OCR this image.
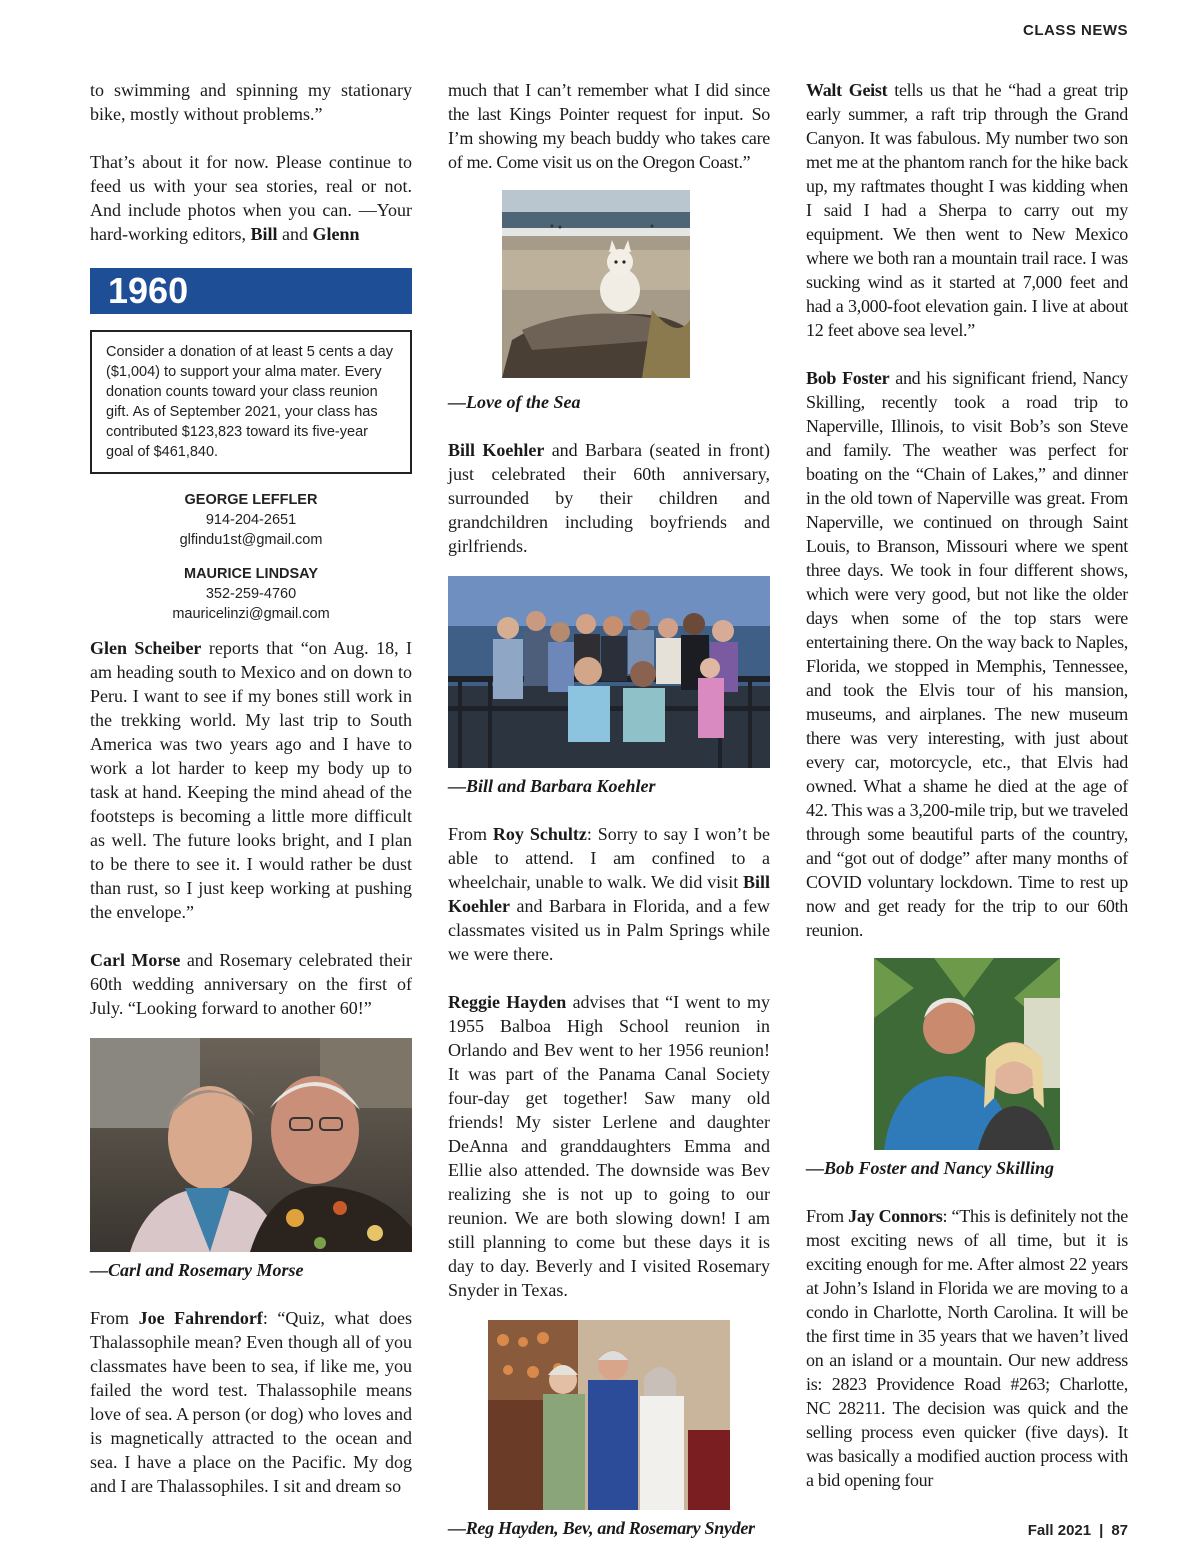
CLASS NEWS

to swimming and spinning my stationary bike, mostly without problems.”

That’s about it for now. Please continue to feed us with your sea stories, real or not. And include photos when you can. —Your hard-working editors, Bill and Glenn

1960
Consider a donation of at least 5 cents a day ($1,004) to support your alma mater. Every donation counts toward your class reunion gift. As of September 2021, your class has contributed $123,823 toward its five-year goal of $461,840.
GEORGE LEFFLER
914-204-2651
glfindu1st@gmail.com
MAURICE LINDSAY
352-259-4760
mauricelinzi@gmail.com

Glen Scheiber reports that “on Aug. 18, I am heading south to Mexico and on down to Peru. I want to see if my bones still work in the trekking world. My last trip to South America was two years ago and I have to work a lot harder to keep my body up to task at hand. Keeping the mind ahead of the footsteps is becoming a little more difficult as well. The future looks bright, and I plan to be there to see it. I would rather be dust than rust, so I just keep working at pushing the envelope.”

Carl Morse and Rosemary celebrated their 60th wedding anniversary on the first of July. “Looking forward to another 60!”

—Carl and Rosemary Morse

From Joe Fahrendorf: “Quiz, what does Thalassophile mean? Even though all of you classmates have been to sea, if like me, you failed the word test. Thalassophile means love of sea. A person (or dog) who loves and is magnetically attracted to the ocean and sea. I have a place on the Pacific. My dog and I are Thalassophiles. I sit and dream so

much that I can’t remember what I did since the last Kings Pointer request for input. So I’m showing my beach buddy who takes care of me. Come visit us on the Oregon Coast.”

—Love of the Sea

Bill Koehler and Barbara (seated in front) just celebrated their 60th anniversary, surrounded by their children and grandchildren including boyfriends and girlfriends.

—Bill and Barbara Koehler

From Roy Schultz: Sorry to say I won’t be able to attend. I am confined to a wheelchair, unable to walk. We did visit Bill Koehler and Barbara in Florida, and a few classmates visited us in Palm Springs while we were there.

Reggie Hayden advises that “I went to my 1955 Balboa High School reunion in Orlando and Bev went to her 1956 reunion! It was part of the Panama Canal Society four-day get together! Saw many old friends! My sister Lerlene and daughter DeAnna and granddaughters Emma and Ellie also attended. The downside was Bev realizing she is not up to going to our reunion. We are both slowing down! I am still planning to come but these days it is day to day. Beverly and I visited Rosemary Snyder in Texas.

—Reg Hayden, Bev, and Rosemary Snyder

Walt Geist tells us that he “had a great trip early summer, a raft trip through the Grand Canyon. It was fabulous. My number two son met me at the phantom ranch for the hike back up, my raftmates thought I was kidding when I said I had a Sherpa to carry out my equipment. We then went to New Mexico where we both ran a mountain trail race. I was sucking wind as it started at 7,000 feet and had a 3,000-foot elevation gain. I live at about 12 feet above sea level.”

Bob Foster and his significant friend, Nancy Skilling, recently took a road trip to Naperville, Illinois, to visit Bob’s son Steve and family. The weather was perfect for boating on the “Chain of Lakes,” and dinner in the old town of Naperville was great. From Naperville, we continued on through Saint Louis, to Branson, Missouri where we spent three days. We took in four different shows, which were very good, but not like the older days when some of the top stars were entertaining there. On the way back to Naples, Florida, we stopped in Memphis, Tennessee, and took the Elvis tour of his mansion, museums, and airplanes. The new museum there was very interesting, with just about every car, motorcycle, etc., that Elvis had owned. What a shame he died at the age of 42. This was a 3,200-mile trip, but we traveled through some beautiful parts of the country, and “got out of dodge” after many months of COVID voluntary lockdown. Time to rest up now and get ready for the trip to our 60th reunion.

—Bob Foster and Nancy Skilling

From Jay Connors: “This is definitely not the most exciting news of all time, but it is exciting enough for me. After almost 22 years at John’s Island in Florida we are moving to a condo in Charlotte, North Carolina. It will be the first time in 35 years that we haven’t lived on an island or a mountain. Our new address is: 2823 Providence Road #263; Charlotte, NC 28211. The decision was quick and the selling process even quicker (five days). It was basically a modified auction process with a bid opening four

Fall 2021 | 87
